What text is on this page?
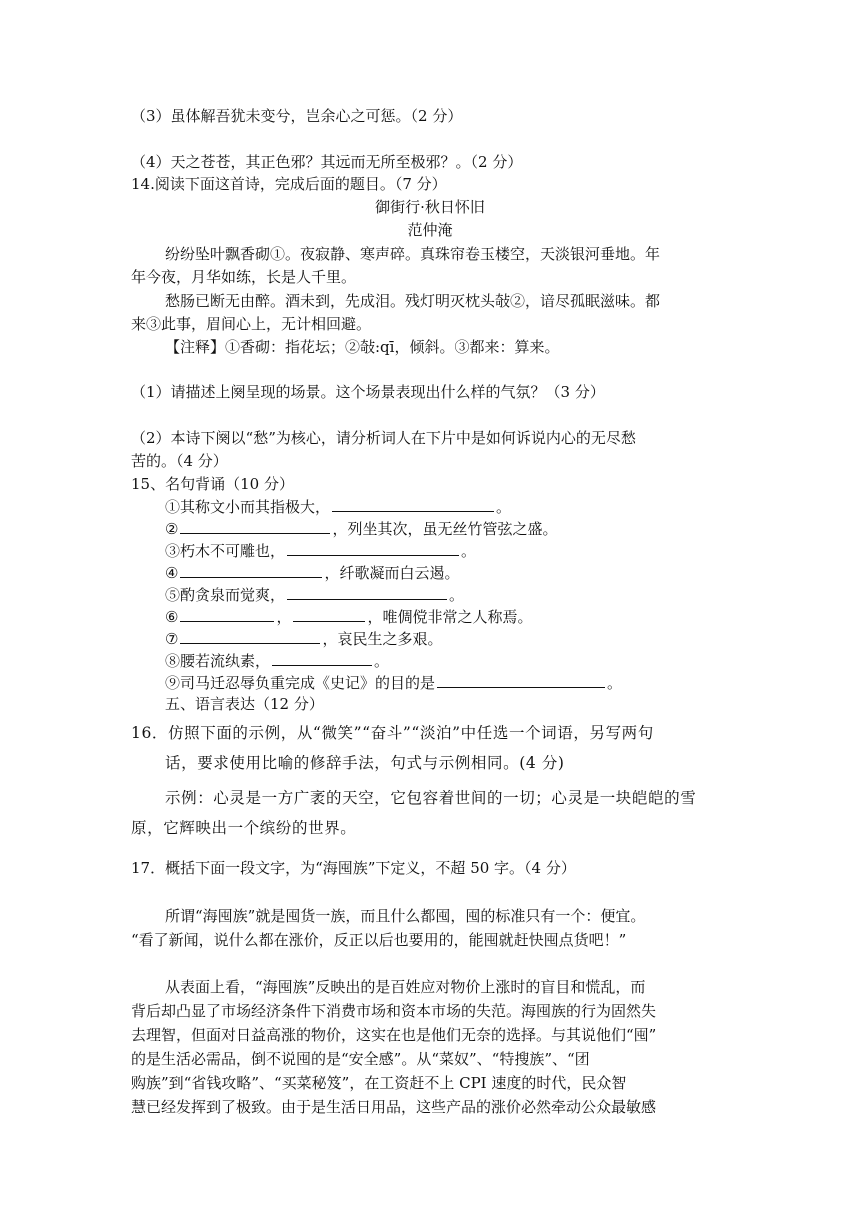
（3）虽体解吾犹未变兮，岂余心之可惩。（2 分）
（4）天之苍苍，其正色邪？其远而无所至极邪？。（2 分）
14.阅读下面这首诗，完成后面的题目。（7 分）
御街行·秋日怀旧
范仲淹
纷纷坠叶飘香砌①。夜寂静、寒声碎。真珠帘卷玉楼空，天淡银河垂地。年
年今夜，月华如练，长是人千里。
愁肠已断无由醉。酒未到，先成泪。残灯明灭枕头敧②，谙尽孤眠滋味。都
来③此事，眉间心上，无计相回避。
【注释】①香砌：指花坛；②敧:qī，倾斜。③都来：算来。
（1）请描述上阕呈现的场景。这个场景表现出什么样的气氛？（3 分）
（2）本诗下阕以“愁”为核心，请分析词人在下片中是如何诉说内心的无尽愁
苦的。（4 分）
15、名句背诵（10 分）
①其称文小而其指极大，	。
②	，列坐其次，虽无丝竹管弦之盛。
③朽木不可雕也，	。
④	，纤歌凝而白云遏。
⑤酌贪泉而觉爽，	。
⑥	，	，唯倜傥非常之人称焉。
⑦	，哀民生之多艰。
⑧腰若流纨素，	。
⑨司马迁忍辱负重完成《史记》的目的是	。
五、语言表达（12 分）
16．仿照下面的示例，从“微笑”“奋斗”“淡泊”中任选一个词语，另写两句
话，要求使用比喻的修辞手法，句式与示例相同。(4 分)
示例：心灵是一方广袤的天空，它包容着世间的一切；心灵是一块皑皑的雪
原，它辉映出一个缤纷的世界。
17．概括下面一段文字，为“海囤族”下定义，不超 50 字。（4 分）
所谓“海囤族”就是囤货一族，而且什么都囤，囤的标准只有一个：便宜。
“看了新闻，说什么都在涨价，反正以后也要用的，能囤就赶快囤点货吧！”
从表面上看，“海囤族”反映出的是百姓应对物价上涨时的盲目和慌乱，而
背后却凸显了市场经济条件下消费市场和资本市场的失范。海囤族的行为固然失
去理智，但面对日益高涨的物价，这实在也是他们无奈的选择。与其说他们“囤”
的是生活必需品，倒不说囤的是“安全感”。从“菜奴”、“特搜族”、“团
购族”到“省钱攻略”、“买菜秘笈”，在工资赶不上 CPI 速度的时代，民众智
慧已经发挥到了极致。由于是生活日用品，这些产品的涨价必然牵动公众最敏感
